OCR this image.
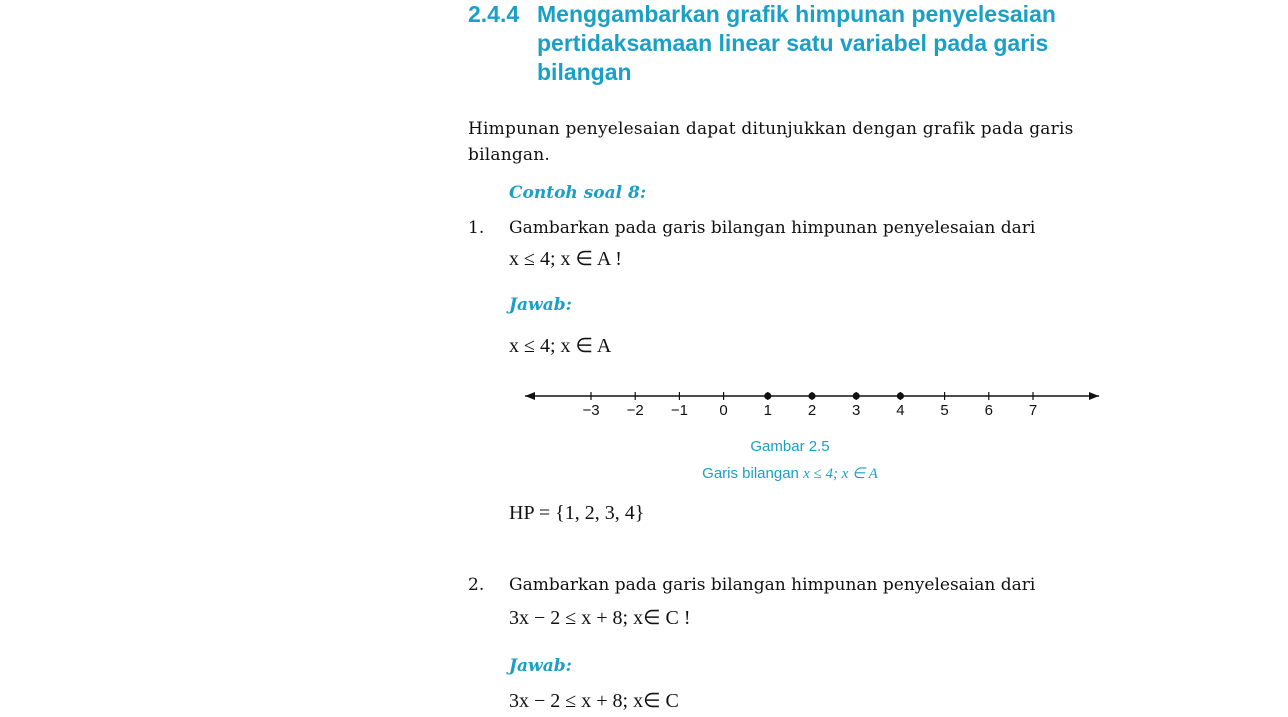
2.4.4 Menggambarkan grafik himpunan penyelesaian pertidaksamaan linear satu variabel pada garis bilangan
Himpunan penyelesaian dapat ditunjukkan dengan grafik pada garis bilangan.
Contoh soal 8:
1. Gambarkan pada garis bilangan himpunan penyelesaian dari
x ≤ 4; x ∈ A !
Jawab:
x ≤ 4; x ∈ A
−3 −2 −1 0 1 2 3 4 5 6 7
Gambar 2.5
Garis bilangan x ≤ 4; x ∈ A
HP = {1, 2, 3, 4}
2. Gambarkan pada garis bilangan himpunan penyelesaian dari
3x − 2 ≤ x + 8; x∈ C !
Jawab:
3x − 2 ≤ x + 8; x∈ C
